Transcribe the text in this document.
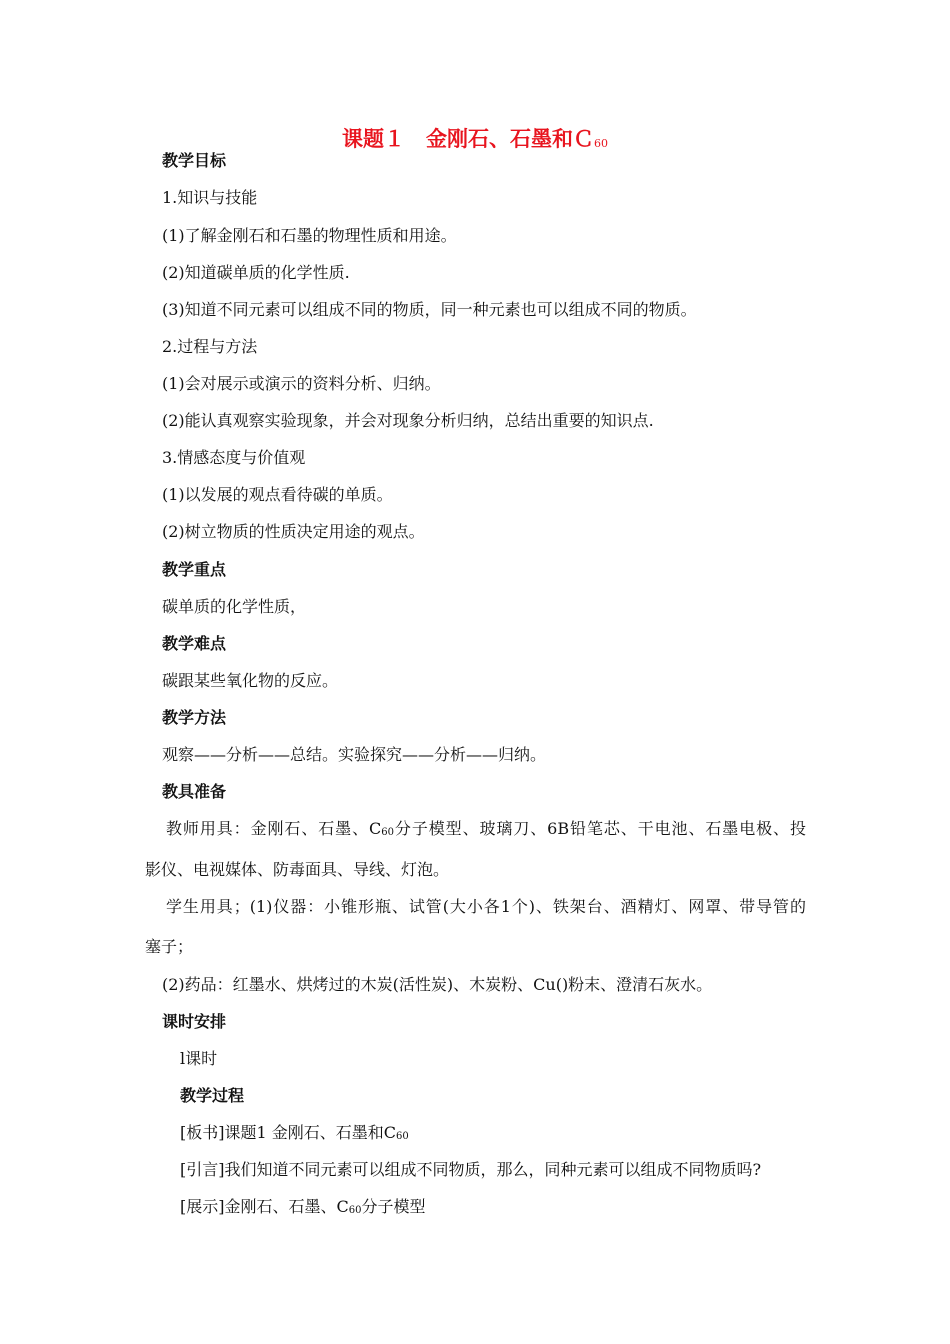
课题１　金刚石、石墨和Ｃ60
教学目标
1.知识与技能
(1)了解金刚石和石墨的物理性质和用途。
(2)知道碳单质的化学性质.
(3)知道不同元素可以组成不同的物质，同一种元素也可以组成不同的物质。
2.过程与方法
(1)会对展示或演示的资料分析、归纳。
(2)能认真观察实验现象，并会对现象分析归纳，总结出重要的知识点.
3.情感态度与价值观
(1)以发展的观点看待碳的单质。
(2)树立物质的性质决定用途的观点。
教学重点
碳单质的化学性质，
教学难点
碳跟某些氧化物的反应。
教学方法
观察——分析——总结。实验探究——分析——归纳。
教具准备
教师用具：金刚石、石墨、C60分子模型、玻璃刀、6B铅笔芯、干电池、石墨电极、投
影仪、电视媒体、防毒面具、导线、灯泡。
学生用具；(1)仪器：小锥形瓶、试管(大小各1个)、铁架台、酒精灯、网罩、带导管的
塞子；
(2)药品：红墨水、烘烤过的木炭(活性炭)、木炭粉、Cu()粉末、澄清石灰水。
课时安排
l课时
教学过程
[板书]课题1 金刚石、石墨和C60
[引言]我们知道不同元素可以组成不同物质，那么，同种元素可以组成不同物质吗?
[展示]金刚石、石墨、C60分子模型
